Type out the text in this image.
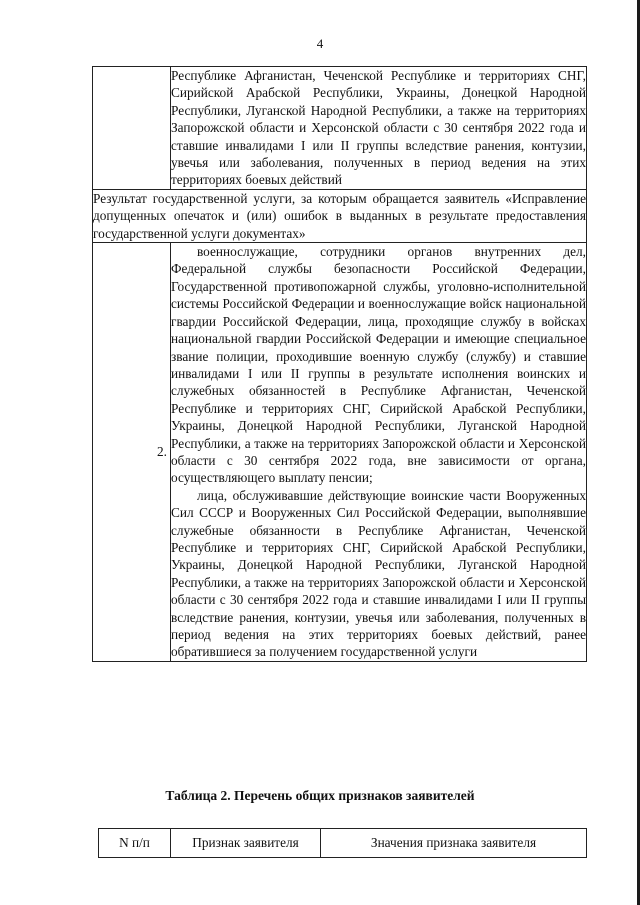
4

	Республике Афганистан, Чеченской Республике и территориях СНГ, Сирийской Арабской Республики, Украины, Донецкой Народной Республики, Луганской Народной Республики, а также на территориях Запорожской области и Херсонской области с 30 сентября 2022 года и ставшие инвалидами I или II группы вследствие ранения, контузии, увечья или заболевания, полученных в период ведения на этих территориях боевых действий

Результат государственной услуги, за которым обращается заявитель «Исправление допущенных опечаток и (или) ошибок в выданных в результате предоставления государственной услуги документах»	

2.	военнослужащие, сотрудники органов внутренних дел, Федеральной службы безопасности Российской Федерации, Государственной противопожарной службы, уголовно-исполнительной системы Российской Федерации и военнослужащие войск национальной гвардии Российской Федерации, лица, проходящие службу в войсках национальной гвардии Российской Федерации и имеющие специальное звание полиции, проходившие военную службу (службу) и ставшие инвалидами I или II группы в результате исполнения воинских и служебных обязанностей в Республике Афганистан, Чеченской Республике и территориях СНГ, Сирийской Арабской Республики, Украины, Донецкой Народной Республики, Луганской Народной Республики, а также на территориях Запорожской области и Херсонской области с 30 сентября 2022 года, вне зависимости от органа, осуществляющего выплату пенсии;

лица, обслуживавшие действующие воинские части Вооруженных Сил СССР и Вооруженных Сил Российской Федерации, выполнявшие служебные обязанности в Республике Афганистан, Чеченской Республике и территориях СНГ, Сирийской Арабской Республики, Украины, Донецкой Народной Республики, Луганской Народной Республики, а также на территориях Запорожской области и Херсонской области с 30 сентября 2022 года и ставшие инвалидами I или II группы вследствие ранения, контузии, увечья или заболевания, полученных в период ведения на этих территориях боевых действий, ранее обратившиеся за получением государственной услуги

Таблица 2. Перечень общих признаков заявителей
N п/п	Признак заявителя	Значения признака заявителя
